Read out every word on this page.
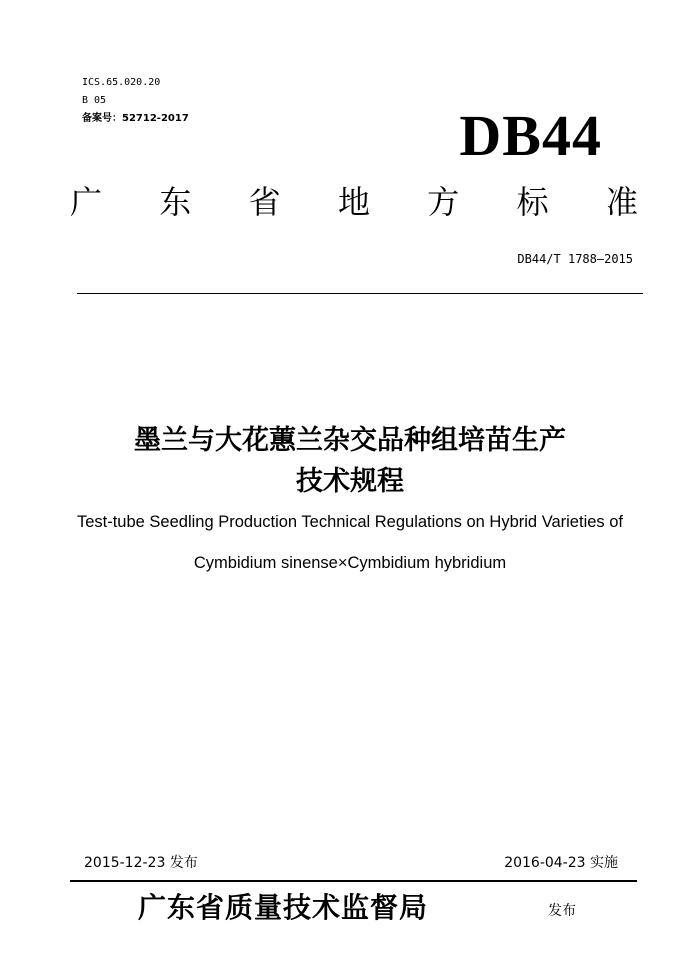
ICS.65.020.20
B 05
备案号：52712-2017	DB44
广 东 省 地 方 标 准
DB44/T 1788—2015
墨兰与大花蕙兰杂交品种组培苗生产
技术规程
Test-tube Seedling Production Technical Regulations on Hybrid Varieties of
Cymbidium sinense×Cymbidium hybridium
2015-12-23 发布	2016-04-23 实施
广东省质量技术监督局	发布
